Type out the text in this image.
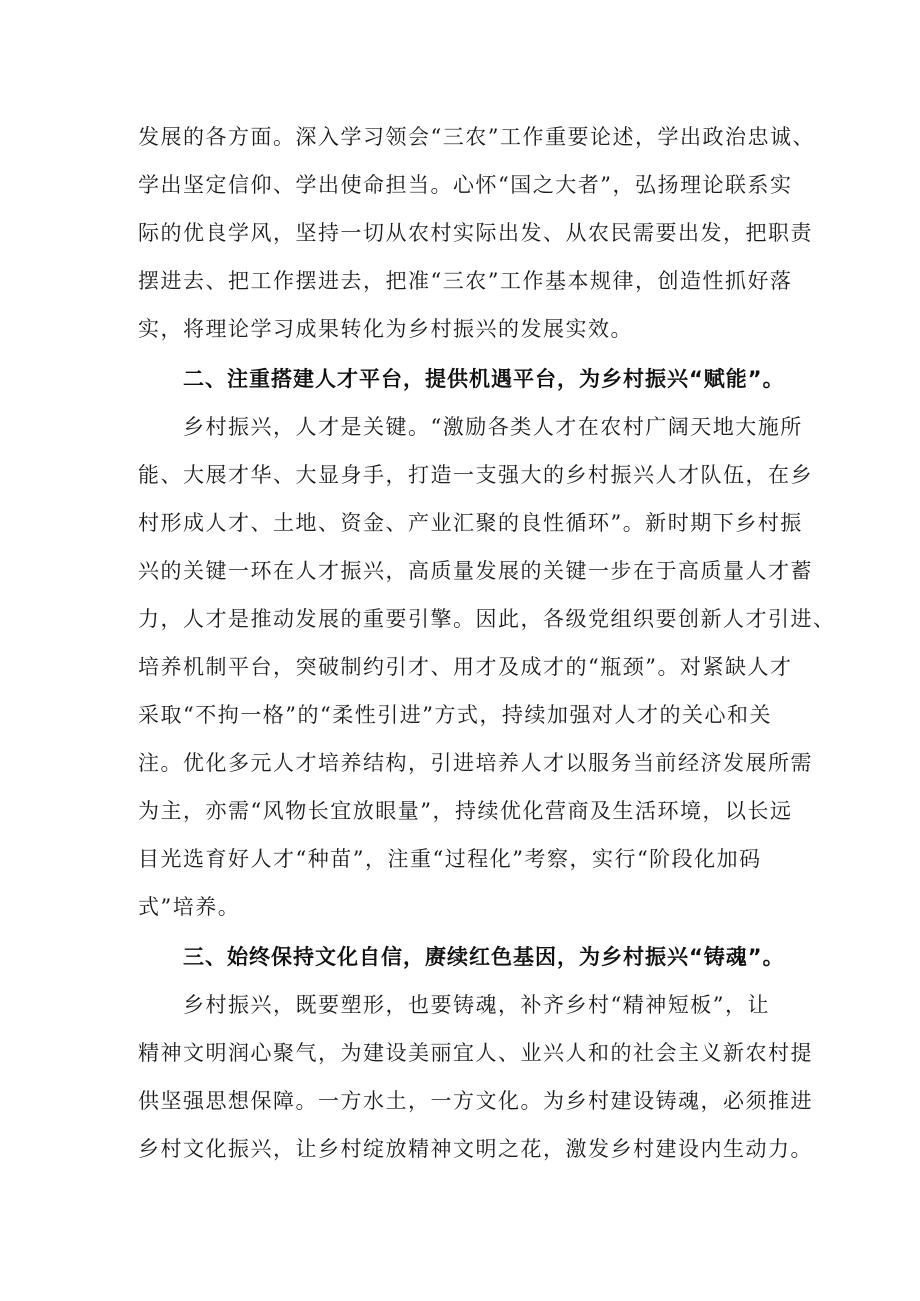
发展的各方面。深入学习领会“三农”工作重要论述，学出政治忠诚、
学出坚定信仰、学出使命担当。心怀“国之大者”，弘扬理论联系实
际的优良学风，坚持一切从农村实际出发、从农民需要出发，把职责
摆进去、把工作摆进去，把准“三农”工作基本规律，创造性抓好落
实，将理论学习成果转化为乡村振兴的发展实效。
二、注重搭建人才平台，提供机遇平台，为乡村振兴“赋能”。
乡村振兴，人才是关键。“激励各类人才在农村广阔天地大施所
能、大展才华、大显身手，打造一支强大的乡村振兴人才队伍，在乡
村形成人才、土地、资金、产业汇聚的良性循环”。新时期下乡村振
兴的关键一环在人才振兴，高质量发展的关键一步在于高质量人才蓄
力，人才是推动发展的重要引擎。因此，各级党组织要创新人才引进、
培养机制平台，突破制约引才、用才及成才的“瓶颈”。对紧缺人才
采取“不拘一格”的“柔性引进”方式，持续加强对人才的关心和关
注。优化多元人才培养结构，引进培养人才以服务当前经济发展所需
为主，亦需“风物长宜放眼量”，持续优化营商及生活环境，以长远
目光选育好人才“种苗”，注重“过程化”考察，实行“阶段化加码
式”培养。
三、始终保持文化自信，赓续红色基因，为乡村振兴“铸魂”。
乡村振兴，既要塑形，也要铸魂，补齐乡村“精神短板”，让
精神文明润心聚气，为建设美丽宜人、业兴人和的社会主义新农村提
供坚强思想保障。一方水土，一方文化。为乡村建设铸魂，必须推进
乡村文化振兴，让乡村绽放精神文明之花，激发乡村建设内生动力。
